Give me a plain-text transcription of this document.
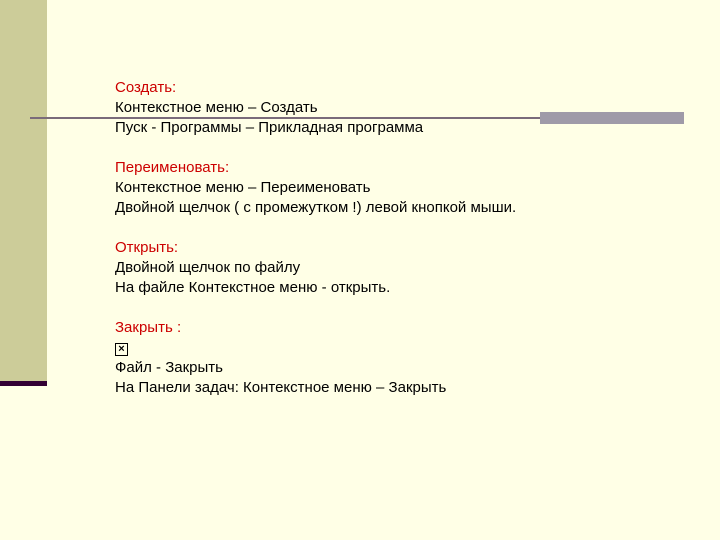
Создать:
Контекстное меню – Создать
Пуск - Программы – Прикладная программа
Переименовать:
Контекстное меню – Переименовать
Двойной щелчок ( с промежутком !) левой кнопкой мыши.
Открыть:
Двойной щелчок по файлу
На файле Контекстное меню - открыть.
Закрыть :
×
Файл - Закрыть
На Панели задач: Контекстное меню – Закрыть
